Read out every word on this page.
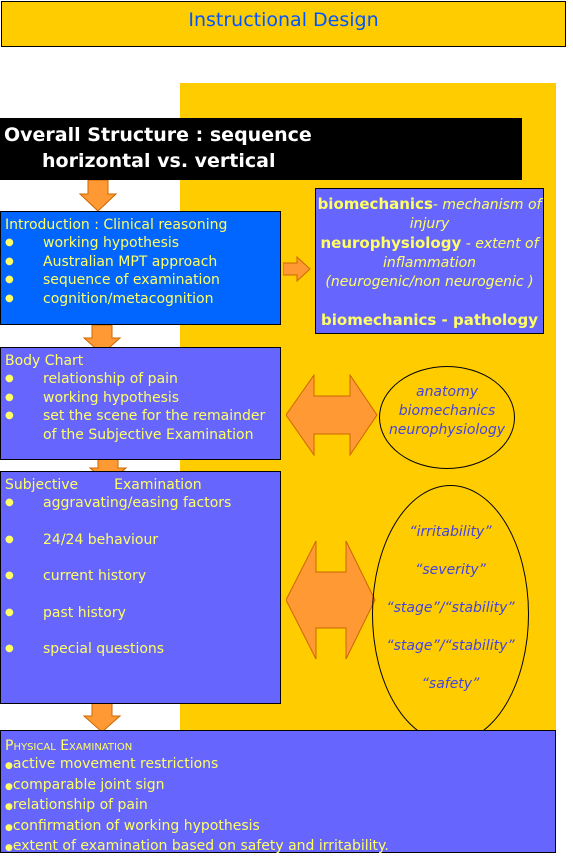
Instructional Design
Overall Structure : sequence
horizontal vs. vertical
Introduction : Clinical reasoning
● working hypothesis
● Australian MPT approach
● sequence of examination
● cognition/metacognition
biomechanics- mechanism of
injury
neurophysiology - extent of
inflammation
(neurogenic/non neurogenic )
biomechanics - pathology
Body Chart
● relationship of pain
● working hypothesis
● set the scene for the remainder
of the Subjective Examination
anatomy
biomechanics
neurophysiology
Subjective	Examination
● aggravating/easing factors
● 24/24 behaviour
● current history
● past history
● special questions
“irritability”
“severity”
“stage”/“stability”
“stage”/“stability”
“safety”
Physical Examination
●active movement restrictions
●comparable joint sign
●relationship of pain
●confirmation of working hypothesis
●extent of examination based on safety and irritability.
